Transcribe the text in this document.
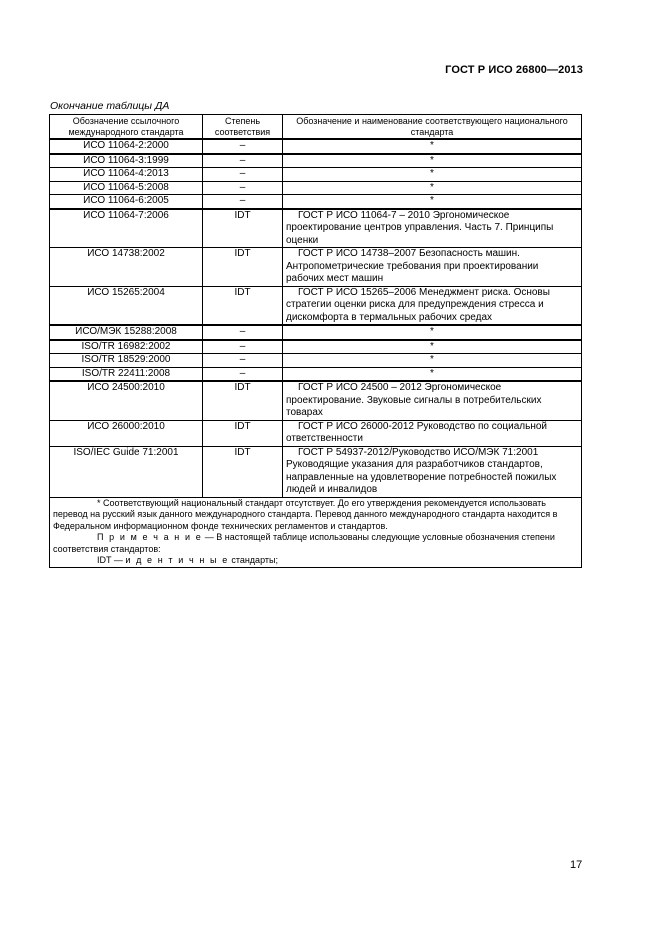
ГОСТ Р ИСО 26800—2013
Окончание таблицы ДА
Обозначение ссылочного международного стандарта	Степень соответствия	Обозначение и наименование соответствующего национального стандарта
ИСО 11064-2:2000	–	*
ИСО 11064-3:1999	–	*
ИСО 11064-4:2013	–	*
ИСО 11064-5:2008	–	*
ИСО 11064-6:2005	–	*
ИСО 11064-7:2006	IDT	ГОСТ Р ИСО 11064-7 – 2010 Эргономическое проектирование центров управления. Часть 7. Принципы оценки
ИСО 14738:2002	IDT	ГОСТ Р ИСО 14738–2007 Безопасность машин. Антропометрические требования при проектировании рабочих мест машин
ИСО 15265:2004	IDT	ГОСТ Р ИСО 15265–2006 Менеджмент риска. Основы стратегии оценки риска для предупреждения стресса и дискомфорта в термальных рабочих средах
ИСО/МЭК 15288:2008	–	*
ISO/TR 16982:2002	–	*
ISO/TR 18529:2000	–	*
ISO/TR 22411:2008	–	*
ИСО 24500:2010	IDT	ГОСТ Р ИСО 24500 – 2012 Эргономическое проектирование. Звуковые сигналы в потребительских товарах
ИСО 26000:2010	IDT	ГОСТ Р ИСО 26000-2012 Руководство по социальной ответственности
ISO/IEC Guide 71:2001	IDT	ГОСТ Р 54937-2012/Руководство ИСО/МЭК 71:2001 Руководящие указания для разработчиков стандартов, направленные на удовлетворение потребностей пожилых людей и инвалидов

* Соответствующий национальный стандарт отсутствует. До его утверждения рекомендуется использовать перевод на русский язык данного международного стандарта. Перевод данного международного стандарта находится в Федеральном информационном фонде технических регламентов и стандартов.
П р и м е ч а н и е — В настоящей таблице использованы следующие условные обозначения степени соответствия стандартов:
IDT — и д е н т и ч н ы е стандарты;		
17
